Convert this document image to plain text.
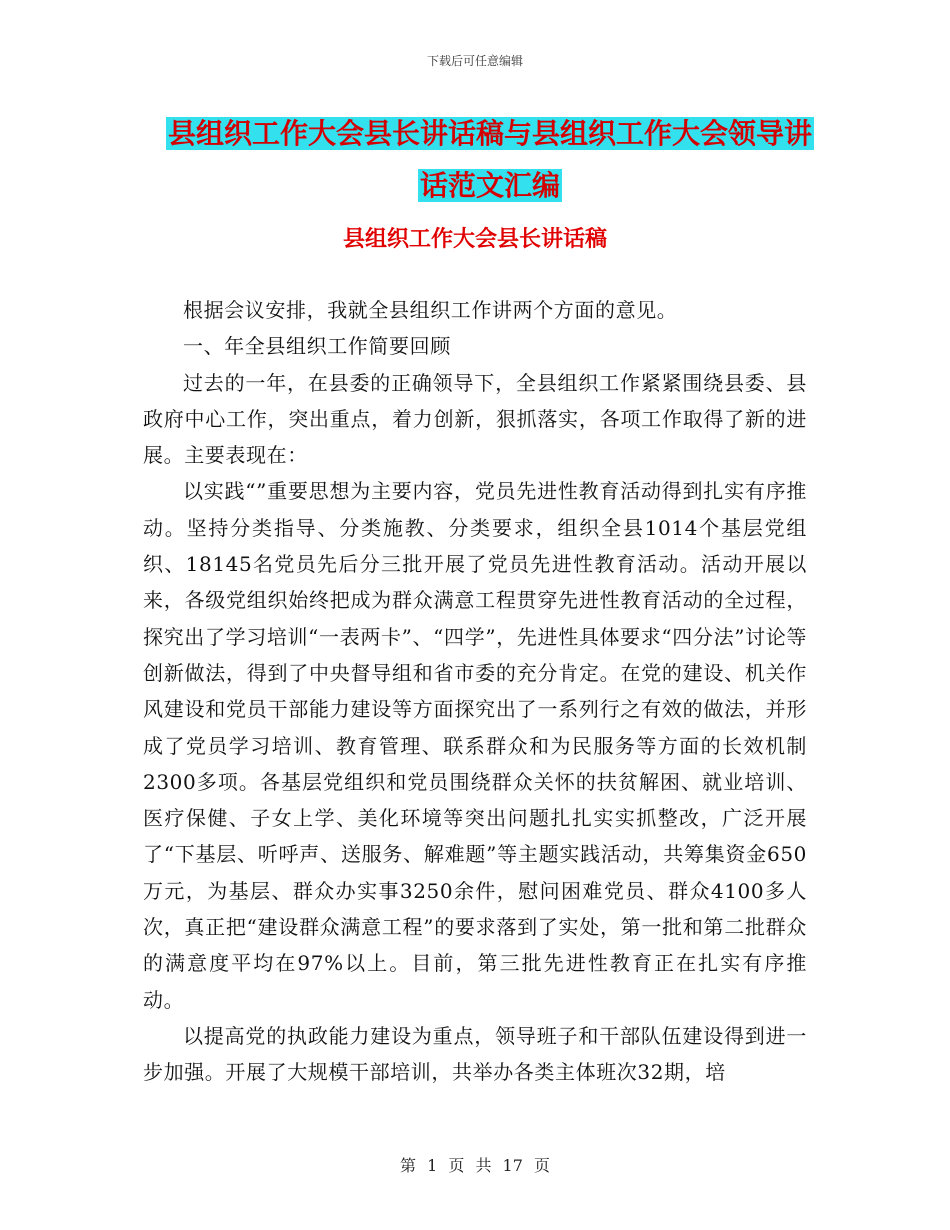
下载后可任意编辑
县组织工作大会县长讲话稿与县组织工作大会领导讲
话范文汇编
县组织工作大会县长讲话稿

根据会议安排，我就全县组织工作讲两个方面的意见。

一、年全县组织工作简要回顾

过去的一年，在县委的正确领导下，全县组织工作紧紧围绕县委、县政府中心工作，突出重点，着力创新，狠抓落实，各项工作取得了新的进展。主要表现在：

以实践“”重要思想为主要内容，党员先进性教育活动得到扎实有序推动。坚持分类指导、分类施教、分类要求，组织全县1014个基层党组织、18145名党员先后分三批开展了党员先进性教育活动。活动开展以来，各级党组织始终把成为群众满意工程贯穿先进性教育活动的全过程，探究出了学习培训“一表两卡”、“四学”，先进性具体要求“四分法”讨论等创新做法，得到了中央督导组和省市委的充分肯定。在党的建设、机关作风建设和党员干部能力建设等方面探究出了一系列行之有效的做法，并形成了党员学习培训、教育管理、联系群众和为民服务等方面的长效机制2300多项。各基层党组织和党员围绕群众关怀的扶贫解困、就业培训、医疗保健、子女上学、美化环境等突出问题扎扎实实抓整改，广泛开展了“下基层、听呼声、送服务、解难题”等主题实践活动，共筹集资金650万元，为基层、群众办实事3250余件，慰问困难党员、群众4100多人次，真正把“建设群众满意工程”的要求落到了实处，第一批和第二批群众的满意度平均在97%以上。目前，第三批先进性教育正在扎实有序推动。

以提高党的执政能力建设为重点，领导班子和干部队伍建设得到进一步加强。开展了大规模干部培训，共举办各类主体班次32期，培

第 1 页 共 17 页
